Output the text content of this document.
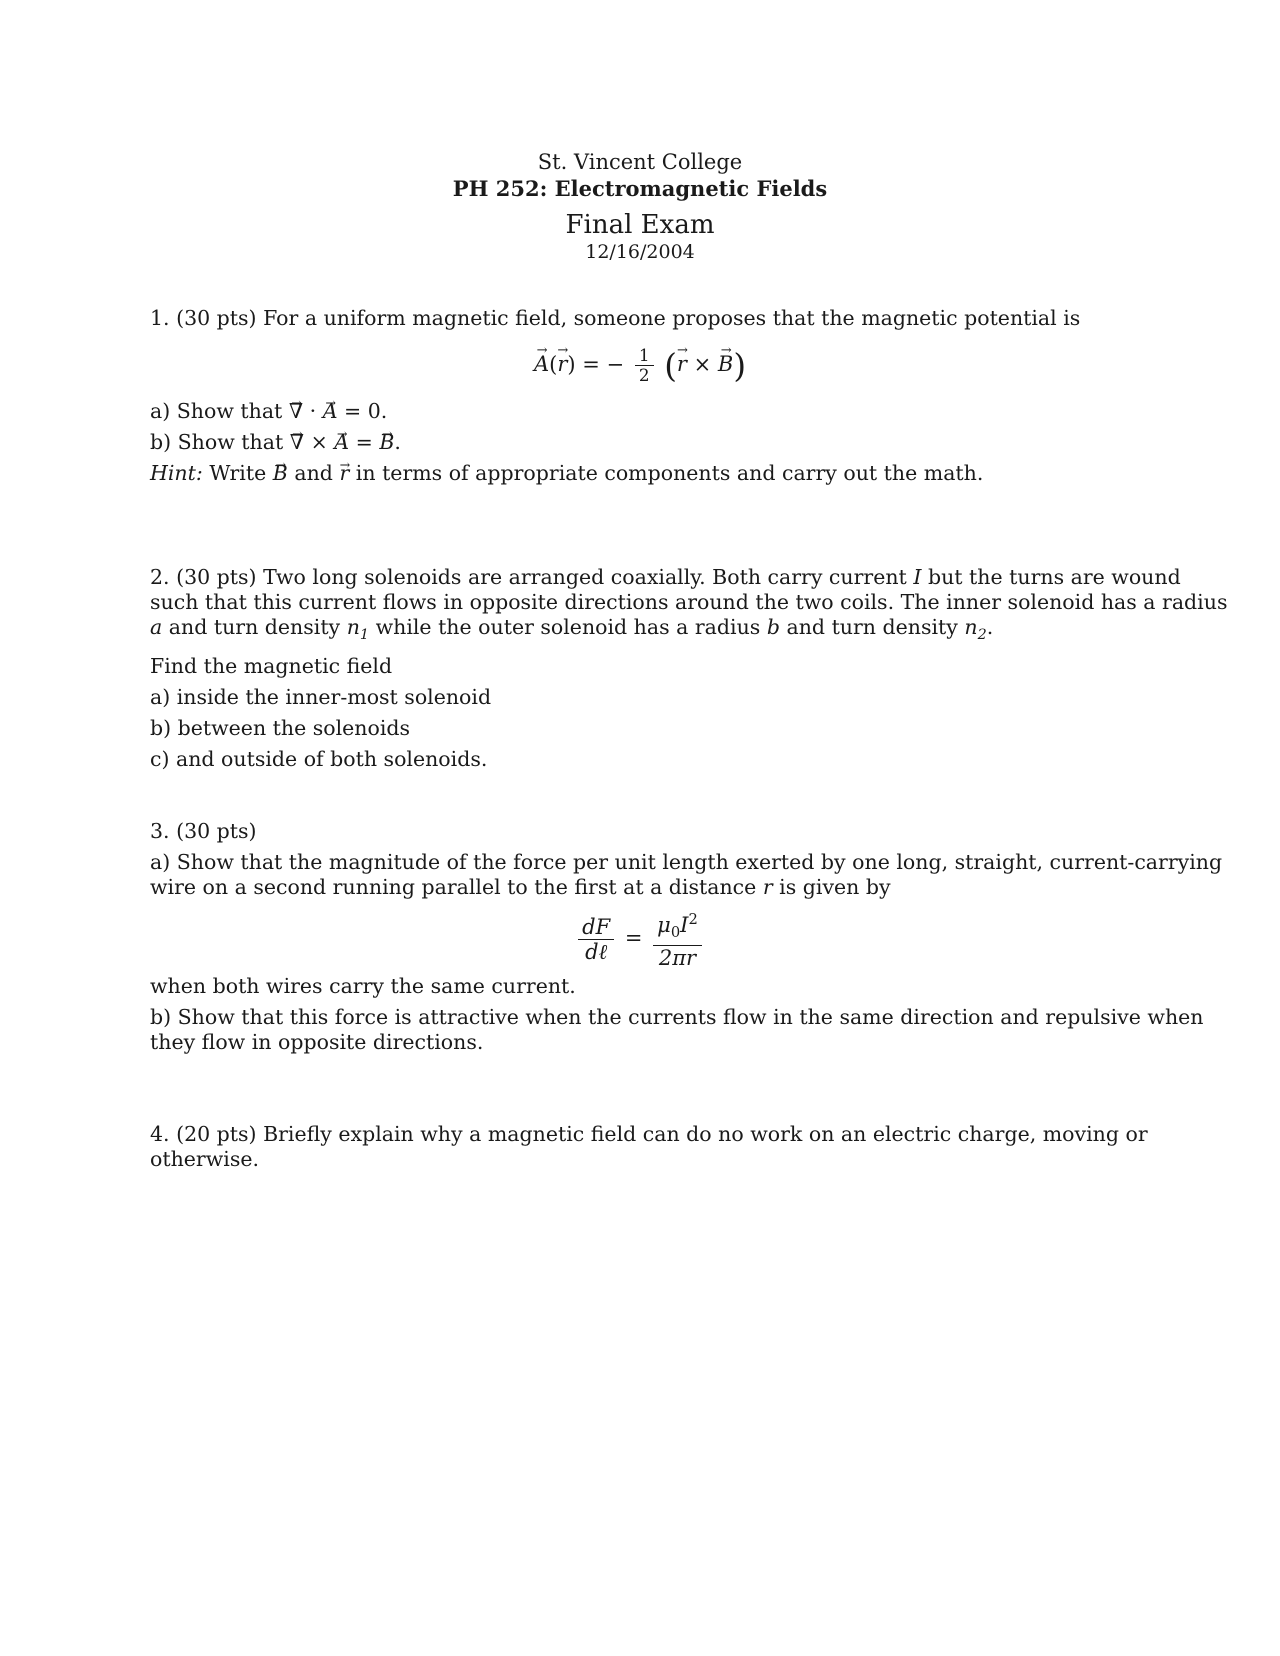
St. Vincent College
PH 252: Electromagnetic Fields
Final Exam
12/16/2004
1. (30 pts) For a uniform magnetic field, someone proposes that the magnetic potential is
→ A(→ r) = − $\frac{1}{2}$ (→ r × → B)
a) Show that → ∇ · → A = 0.
b) Show that → ∇ × → A = → B.
Hint: Write → B and → r in terms of appropriate components and carry out the math.
2. (30 pts) Two long solenoids are arranged coaxially. Both carry current I but the turns are wound
such that this current flows in opposite directions around the two coils. The inner solenoid has a radius
a and turn density $n_1$ while the outer solenoid has a radius b and turn density $n_2$.
Find the magnetic field
a) inside the inner-most solenoid
b) between the solenoids
c) and outside of both solenoids.
3. (30 pts)
a) Show that the magnitude of the force per unit length exerted by one long, straight, current-carrying
wire on a second running parallel to the first at a distance r is given by
$\frac{dF}{\text{dℓ}} = \frac{\mu_0I^2}{2\pi r}$
when both wires carry the same current.
b) Show that this force is attractive when the currents flow in the same direction and repulsive when
they flow in opposite directions.
4. (20 pts) Briefly explain why a magnetic field can do no work on an electric charge, moving or
otherwise.
